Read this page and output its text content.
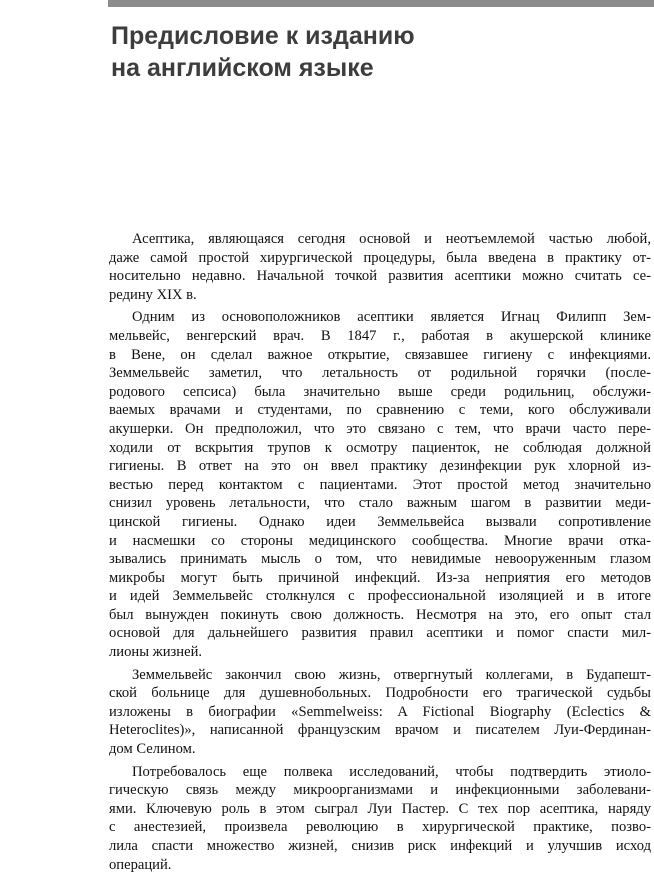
Предисловие к изданию
на английском языке
Асептика, являющаяся сегодня основой и неотъемлемой частью любой,
даже самой простой хирургической процедуры, была введена в практику от-
носительно недавно. Начальной точкой развития асептики можно считать се-
редину XIX в.
Одним из основоположников асептики является Игнац Филипп Зем-
мельвейс, венгерский врач. В 1847 г., работая в акушерской клинике
в Вене, он сделал важное открытие, связавшее гигиену с инфекциями.
Земмельвейс заметил, что летальность от родильной горячки (после-
родового сепсиса) была значительно выше среди родильниц, обслужи-
ваемых врачами и студентами, по сравнению с теми, кого обслуживали
акушерки. Он предположил, что это связано с тем, что врачи часто пере-
ходили от вскрытия трупов к осмотру пациенток, не соблюдая должной
гигиены. В ответ на это он ввел практику дезинфекции рук хлорной из-
вестью перед контактом с пациентами. Этот простой метод значительно
снизил уровень летальности, что стало важным шагом в развитии меди-
цинской гигиены. Однако идеи Земмельвейса вызвали сопротивление
и насмешки со стороны медицинского сообщества. Многие врачи отка-
зывались принимать мысль о том, что невидимые невооруженным глазом
микробы могут быть причиной инфекций. Из-за неприятия его методов
и идей Земмельвейс столкнулся с профессиональной изоляцией и в итоге
был вынужден покинуть свою должность. Несмотря на это, его опыт стал
основой для дальнейшего развития правил асептики и помог спасти мил-
лионы жизней.
Земмельвейс закончил свою жизнь, отвергнутый коллегами, в Будапешт-
ской больнице для душевнобольных. Подробности его трагической судьбы
изложены в биографии «Semmelweiss: A Fictional Biography (Eclectics &
Heteroclites)», написанной французским врачом и писателем Луи-Фердинан-
дом Селином.
Потребовалось еще полвека исследований, чтобы подтвердить этиоло-
гическую связь между микроорганизмами и инфекционными заболевани-
ями. Ключевую роль в этом сыграл Луи Пастер. С тех пор асептика, наряду
с анестезией, произвела революцию в хирургической практике, позво-
лила спасти множество жизней, снизив риск инфекций и улучшив исход
операций.
